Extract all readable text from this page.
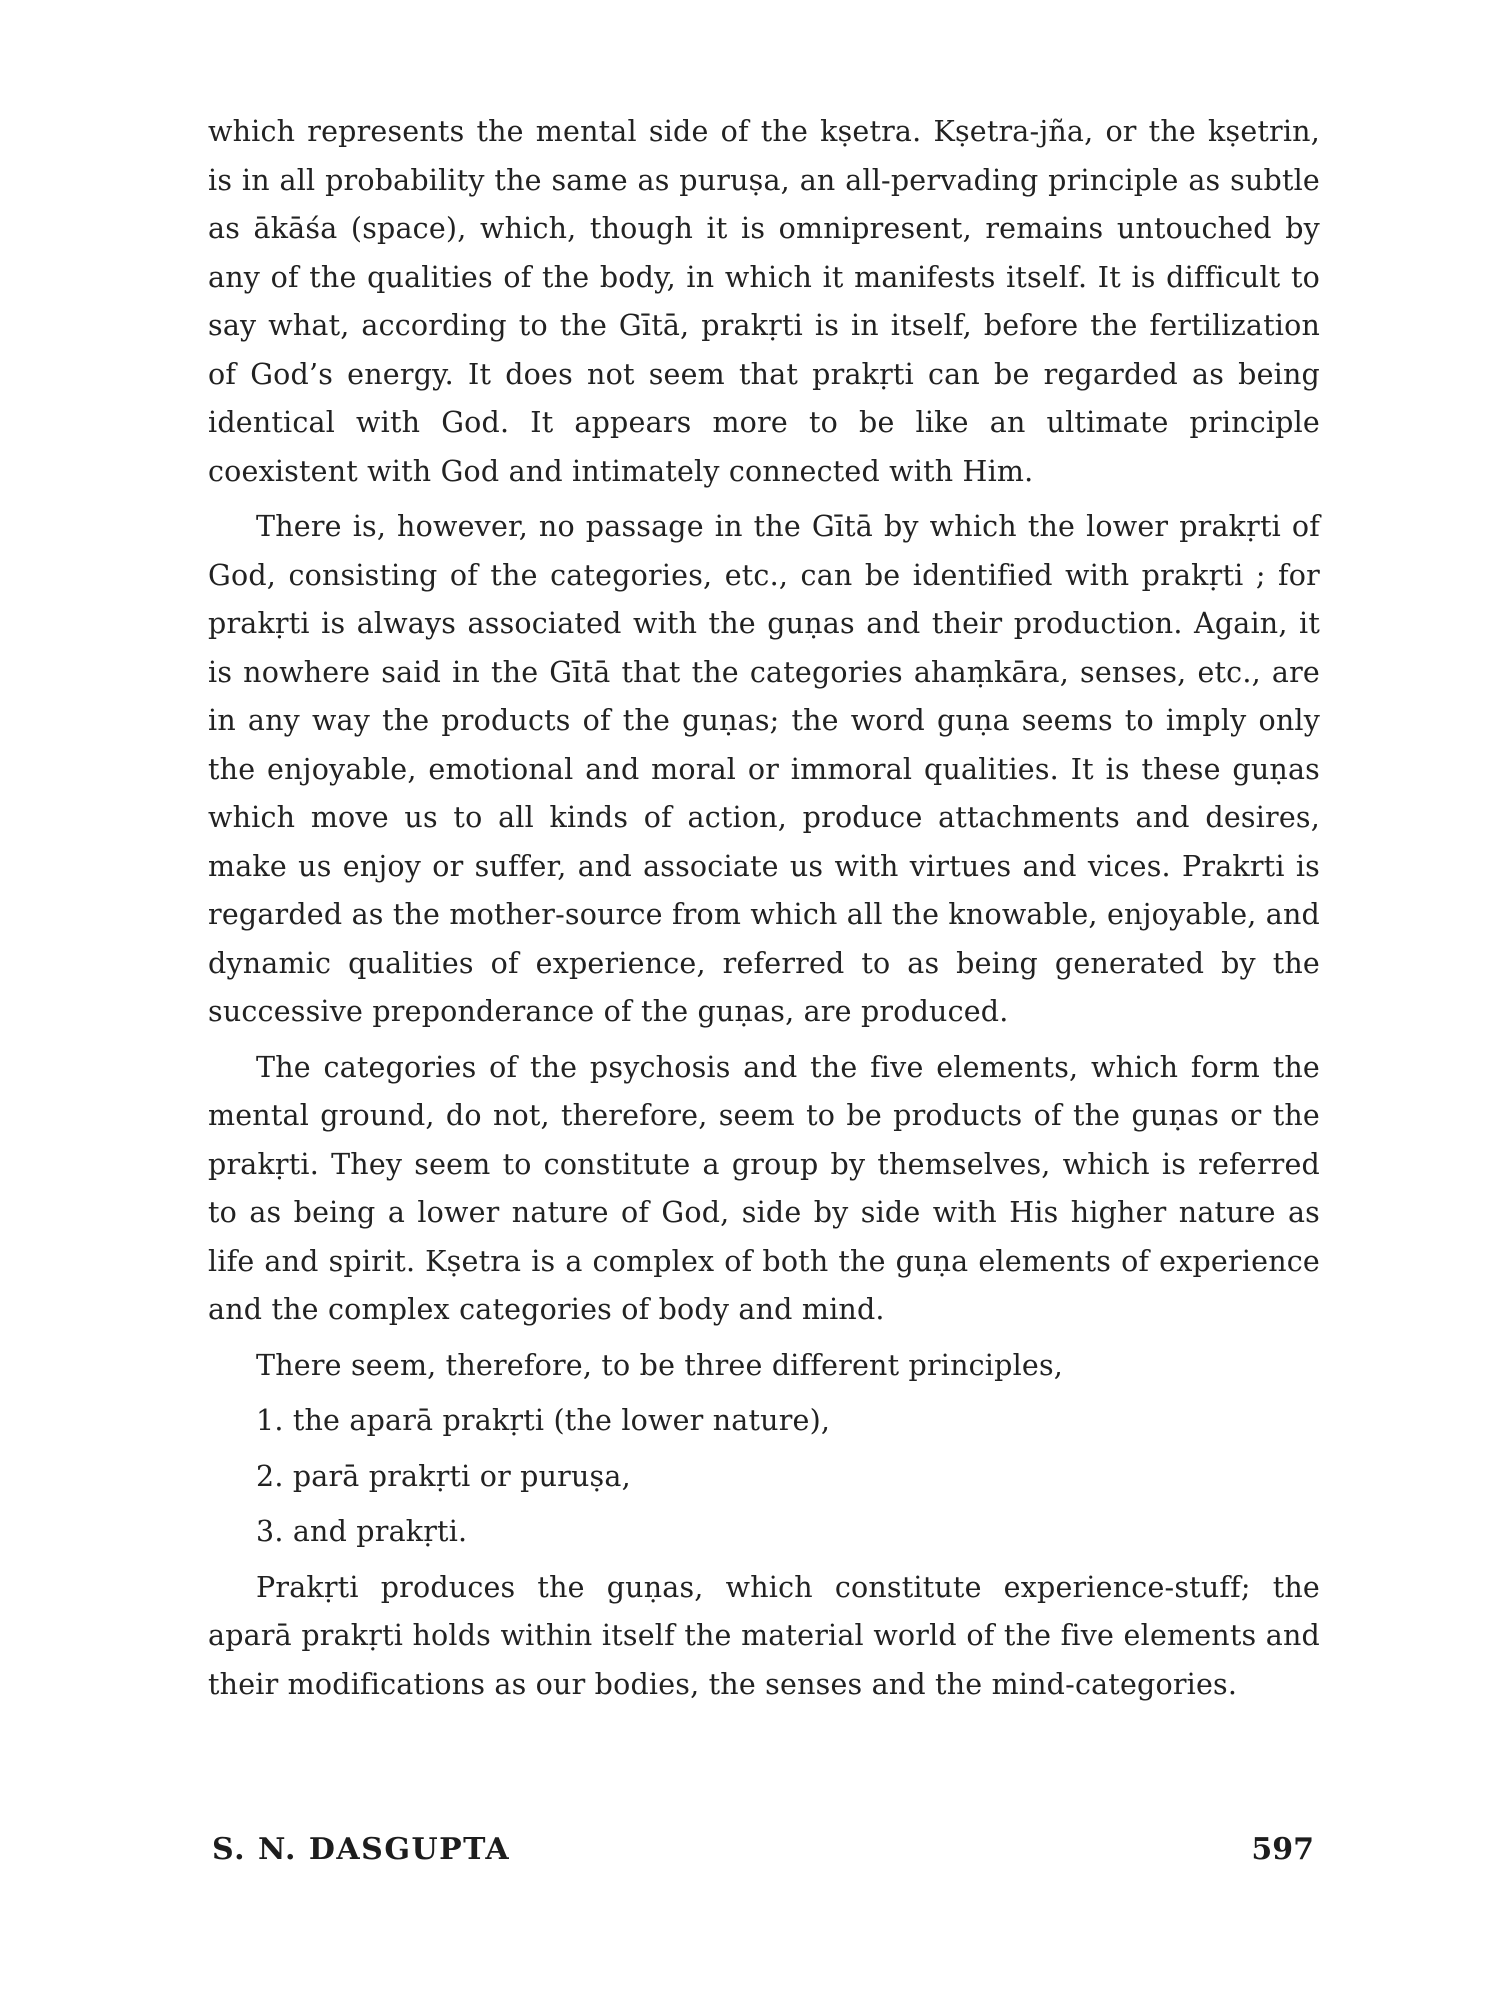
which represents the mental side of the kṣetra. Kṣetra-jña, or the kṣetrin, is in all probability the same as puruṣa, an all-pervading principle as subtle as ākāśa (space), which, though it is omnipresent, remains untouched by any of the qualities of the body, in which it manifests itself. It is difficult to say what, according to the Gītā, prakṛti is in itself, before the fertilization of God’s energy. It does not seem that prakṛti can be regarded as being identical with God. It appears more to be like an ultimate principle coexistent with God and intimately connected with Him.

There is, however, no passage in the Gītā by which the lower prakṛti of God, consisting of the categories, etc., can be identified with prakṛti ; for prakṛti is always associated with the guṇas and their production. Again, it is nowhere said in the Gītā that the categories ahaṃkāra, senses, etc., are in any way the products of the guṇas; the word guṇa seems to imply only the enjoyable, emotional and moral or immoral qualities. It is these guṇas which move us to all kinds of action, produce attachments and desires, make us enjoy or suffer, and associate us with virtues and vices. Prakrti is regarded as the mother-source from which all the knowable, enjoyable, and dynamic qualities of experience, referred to as being generated by the successive preponderance of the guṇas, are produced.

The categories of the psychosis and the five elements, which form the mental ground, do not, therefore, seem to be products of the guṇas or the prakṛti. They seem to constitute a group by themselves, which is referred to as being a lower nature of God, side by side with His higher nature as life and spirit. Kṣetra is a complex of both the guṇa elements of experience and the complex categories of body and mind.

There seem, therefore, to be three different principles,

1. the aparā prakṛti (the lower nature),
2. parā prakṛti or puruṣa,
3. and prakṛti.

Prakṛti produces the guṇas, which constitute experience-stuff; the aparā prakṛti holds within itself the material world of the five elements and their modifications as our bodies, the senses and the mind-categories.

S. N. DASGUPTA	597
